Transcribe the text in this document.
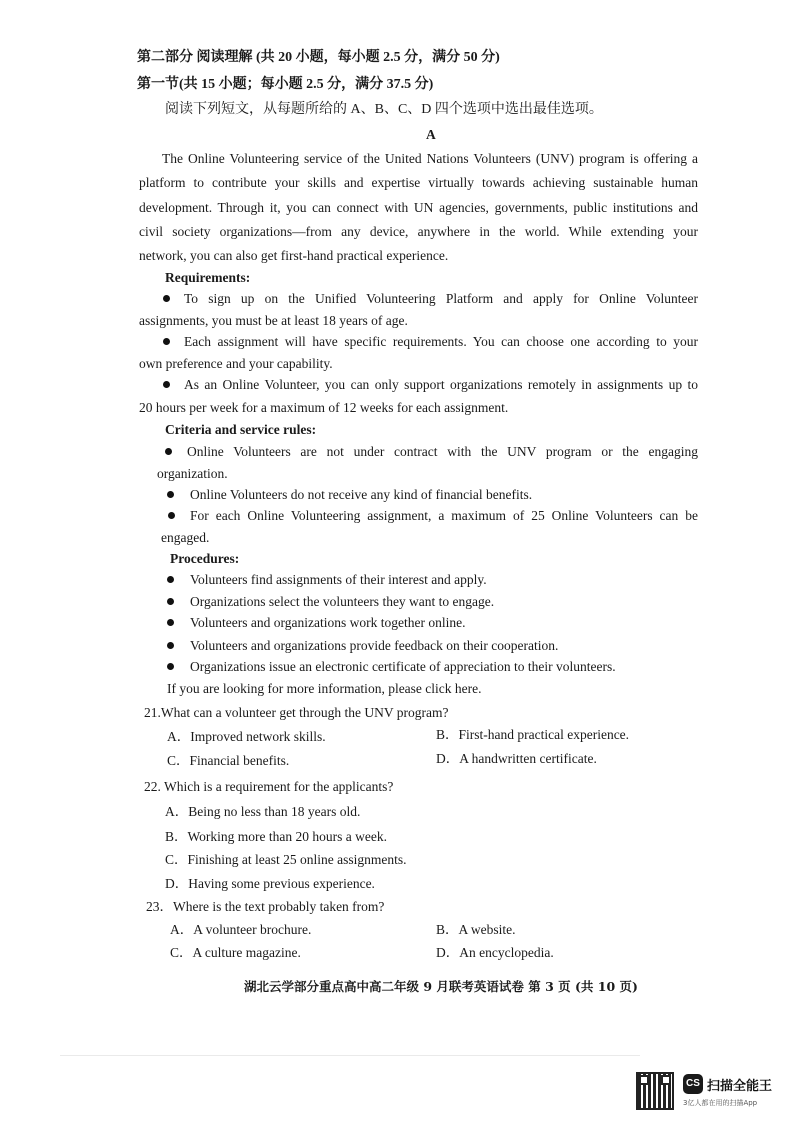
第二部分 阅读理解 (共 20 小题，每小题 2.5 分，满分 50 分)
第一节(共 15 小题；每小题 2.5 分，满分 37.5 分)
阅读下列短文，从每题所给的 A、B、C、D 四个选项中选出最佳选项。
A
The Online Volunteering service of the United Nations Volunteers (UNV) program is offering a
platform to contribute your skills and expertise virtually towards achieving sustainable human
development. Through it, you can connect with UN agencies, governments, public institutions and
civil society organizations—from any device, anywhere in the world. While extending your
network, you can also get first-hand practical experience.
Requirements:
To sign up on the Unified Volunteering Platform and apply for Online Volunteer
assignments, you must be at least 18 years of age.
Each assignment will have specific requirements. You can choose one according to your
own preference and your capability.
As an Online Volunteer, you can only support organizations remotely in assignments up to
20 hours per week for a maximum of 12 weeks for each assignment.
Criteria and service rules:
Online Volunteers are not under contract with the UNV program or the engaging
organization.
Online Volunteers do not receive any kind of financial benefits.
For each Online Volunteering assignment, a maximum of 25 Online Volunteers can be
engaged.
Procedures:
Volunteers find assignments of their interest and apply.
Organizations select the volunteers they want to engage.
Volunteers and organizations work together online.
Volunteers and organizations provide feedback on their cooperation.
Organizations issue an electronic certificate of appreciation to their volunteers.
If you are looking for more information, please click here.
21.What can a volunteer get through the UNV program?
A．Improved network skills.	B．First-hand practical experience.
C．Financial benefits.	D．A handwritten certificate.
22. Which is a requirement for the applicants?
A．Being no less than 18 years old.
B．Working more than 20 hours a week.
C．Finishing at least 25 online assignments.
D．Having some previous experience.
23．Where is the text probably taken from?
A．A volunteer brochure.	B．A website.
C．A culture magazine.	D．An encyclopedia.
湖北云学部分重点高中高二年级 9 月联考英语试卷 第 3 页 (共 10 页)
CS 扫描全能王
3亿人都在用的扫描App
